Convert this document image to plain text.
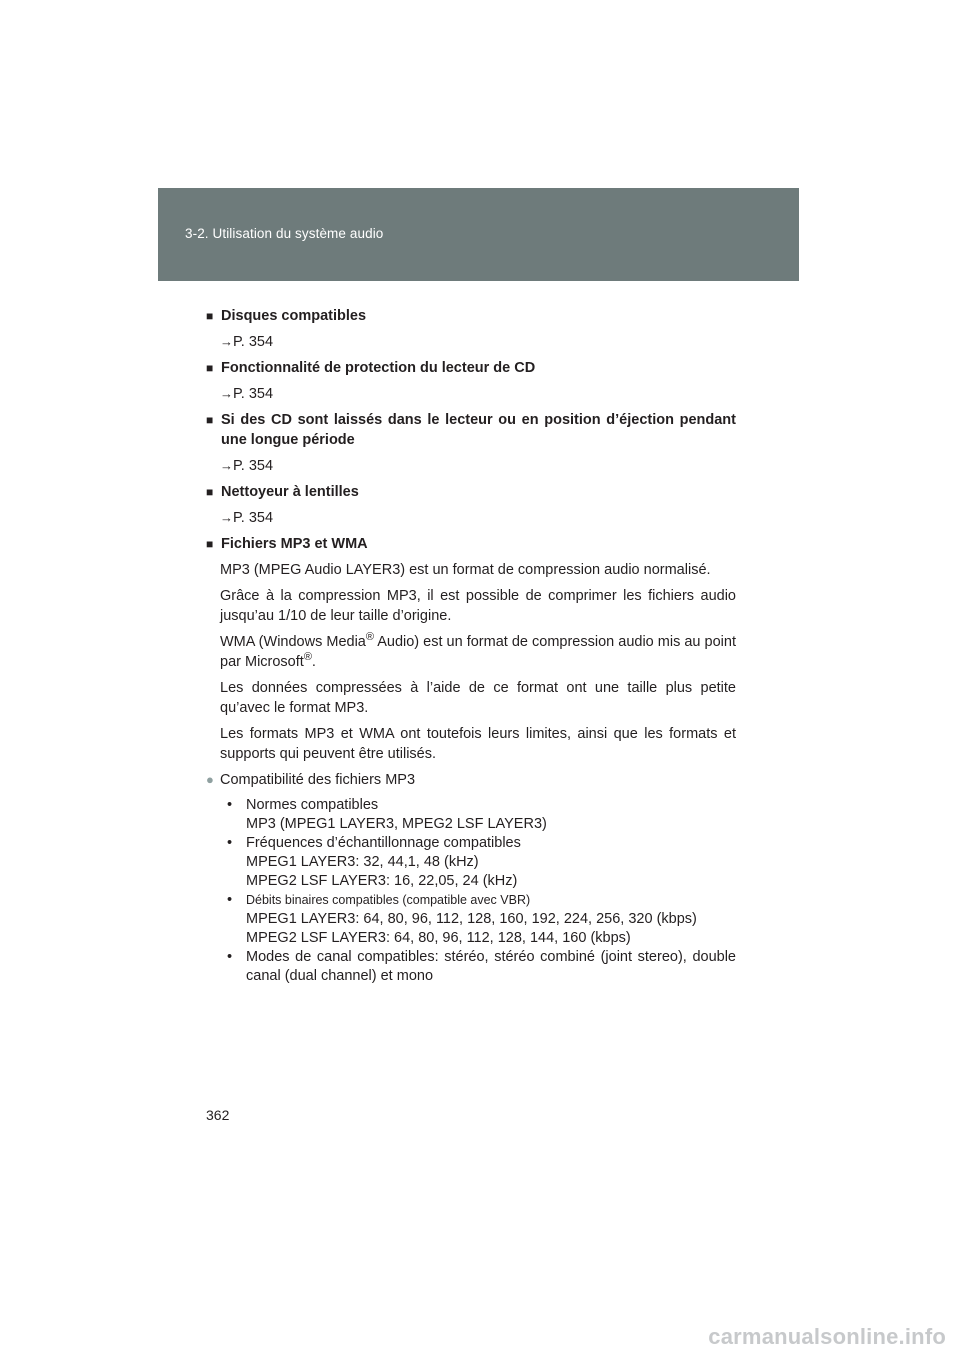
3-2. Utilisation du système audio
■ Disques compatibles
→P. 354
■ Fonctionnalité de protection du lecteur de CD
→P. 354
■ Si des CD sont laissés dans le lecteur ou en position d’éjection pendant une longue période
→P. 354
■ Nettoyeur à lentilles
→P. 354
■ Fichiers MP3 et WMA

MP3 (MPEG Audio LAYER3) est un format de compression audio normalisé.

Grâce à la compression MP3, il est possible de comprimer les fichiers audio jusqu’au 1/10 de leur taille d’origine.

WMA (Windows Media® Audio) est un format de compression audio mis au point par Microsoft®.

Les données compressées à l’aide de ce format ont une taille plus petite qu’avec le format MP3.

Les formats MP3 et WMA ont toutefois leurs limites, ainsi que les formats et supports qui peuvent être utilisés.

● Compatibilité des fichiers MP3
• Normes compatibles
MP3 (MPEG1 LAYER3, MPEG2 LSF LAYER3)
• Fréquences d’échantillonnage compatibles
MPEG1 LAYER3: 32, 44,1, 48 (kHz)
MPEG2 LSF LAYER3: 16, 22,05, 24 (kHz)
•	Débits binaires compatibles (compatible avec VBR)
MPEG1 LAYER3: 64, 80, 96, 112, 128, 160, 192, 224, 256, 320 (kbps)
MPEG2 LSF LAYER3: 64, 80, 96, 112, 128, 144, 160 (kbps)
• Modes de canal compatibles: stéréo, stéréo combiné (joint stereo), double canal (dual channel) et mono
362
carmanualsonline.info
